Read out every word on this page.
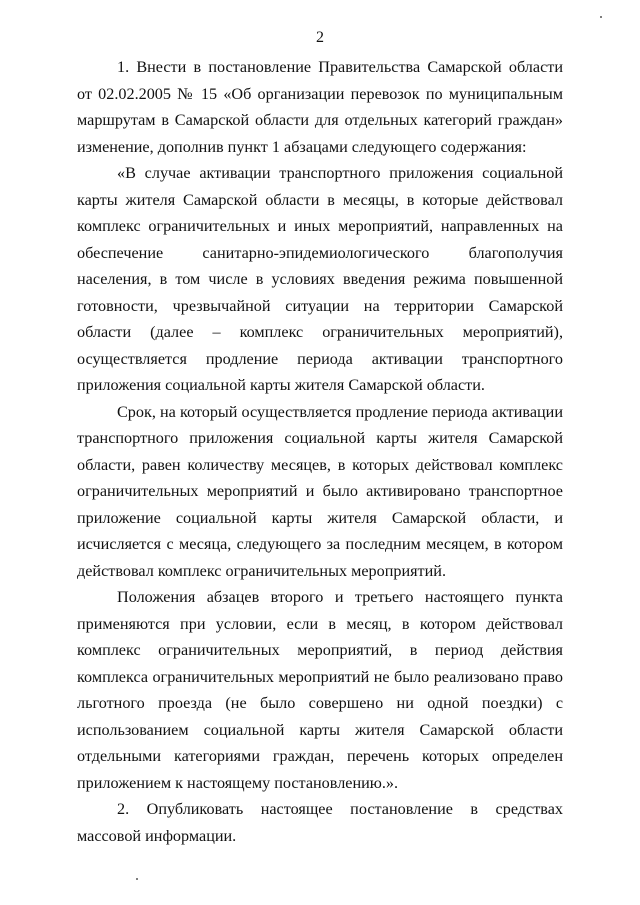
2

1. Внести в постановление Правительства Самарской области от 02.02.2005 № 15 «Об организации перевозок по муниципальным маршрутам в Самарской области для отдельных категорий граждан» изменение, дополнив пункт 1 абзацами следующего содержания:

«В случае активации транспортного приложения социальной карты жителя Самарской области в месяцы, в которые действовал комплекс ограничительных и иных мероприятий, направленных на обеспечение санитарно-эпидемиологического благополучия населения, в том числе в условиях введения режима повышенной готовности, чрезвычайной ситуации на территории Самарской области (далее – комплекс ограничительных мероприятий), осуществляется продление периода активации транспортного приложения социальной карты жителя Самарской области.

Срок, на который осуществляется продление периода активации транспортного приложения социальной карты жителя Самарской области, равен количеству месяцев, в которых действовал комплекс ограничительных мероприятий и было активировано транспортное приложение социальной карты жителя Самарской области, и исчисляется с месяца, следующего за последним месяцем, в котором действовал комплекс ограничительных мероприятий.

Положения абзацев второго и третьего настоящего пункта применяются при условии, если в месяц, в котором действовал комплекс ограничительных мероприятий, в период действия комплекса ограничительных мероприятий не было реализовано право льготного проезда (не было совершено ни одной поездки) с использованием социальной карты жителя Самарской области отдельными категориями граждан, перечень которых определен приложением к настоящему постановлению.».

2. Опубликовать настоящее постановление в средствах массовой информации.
